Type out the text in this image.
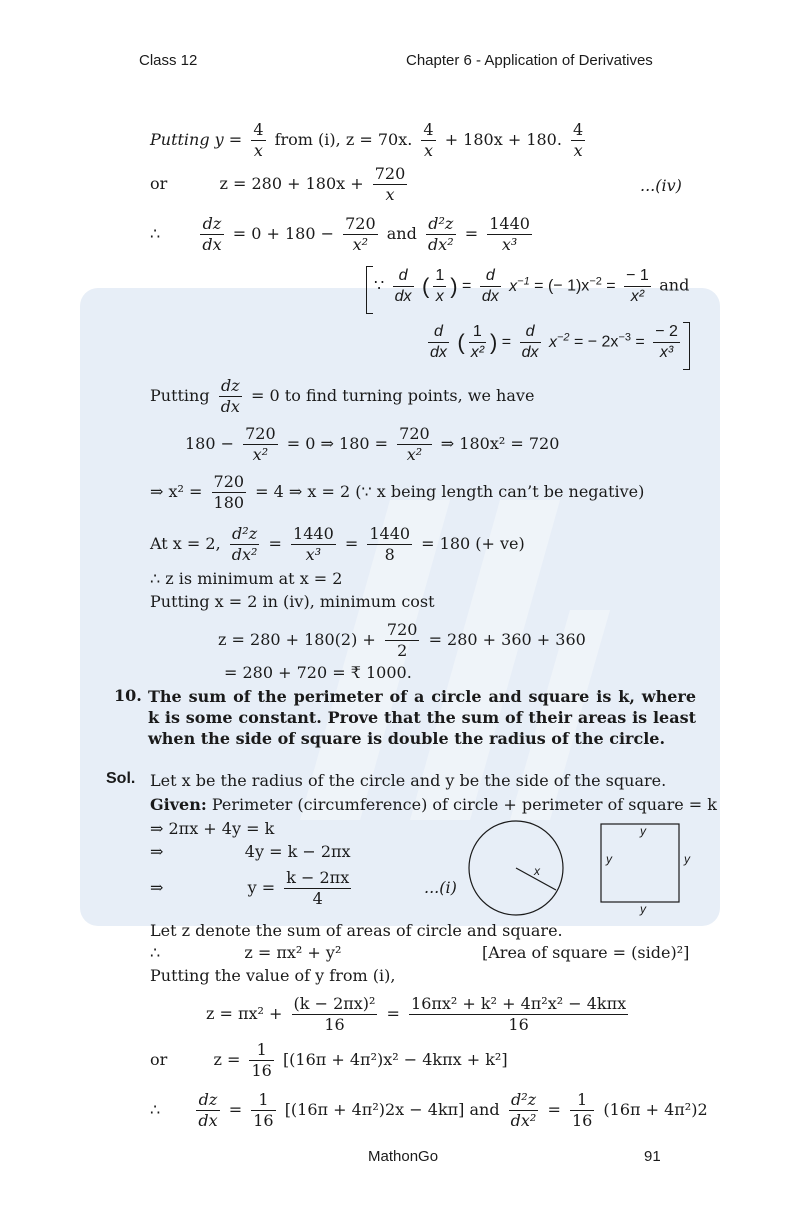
Class 12	Chapter 6 - Application of Derivatives
Putting $y = \frac{4}{x}$ from (i), z = 70x. $\frac{4}{x} + 180x + 180$. $\frac{4}{x}$
or	$z = 280 + 180x + \frac{720}{x}$	...(iv)
∴	$\frac{dz}{dx} = 0 + 180 - \frac{720}{\text{x²}}$ and $\frac{\text{d²z}}{\text{dx²}} = \frac{1440}{\text{x³}}$
∵ $\frac{d}{dx}$ ( $\frac{1}{x}$ ) = $\frac{d}{dx} x^{-1}$ = (− $1)x^{-2} = \frac{- 1}{\text{x²}}$ and
$\frac{d}{dx}$ ( $\frac{1}{\text{x²}}$ ) = $\frac{d}{dx} x^{-2}$ = − $2x^{-3} = \frac{- 2}{\text{x³}}$
Putting $\frac{dz}{dx} = 0$ to find turning points, we have
$180 - \frac{720}{\text{x²}} = 0$ ⇒ $180 = \frac{720}{\text{x²}}$ ⇒ 180x² = 720
⇒ $x^2 = \frac{720}{180} = 4$ ⇒ x = 2 (∵ x being length can’t be negative)
At x = 2, $\frac{\text{d²z}}{\text{dx²}} = \frac{1440}{\text{x³}} = \frac{1440}{8} = 180$ (+ ve)
∴ z is minimum at x = 2
Putting x = 2 in (iv), minimum cost
$z = 280 + 180(2) + \frac{720}{2} = 280 + 360 + 360$
= 280 + 720 = ₹ 1000.
10. The sum of the perimeter of a circle and square is k, where k is some constant. Prove that the sum of their areas is least when the side of square is double the radius of the circle.
Sol. Let x be the radius of the circle and y be the side of the square.
Given: Perimeter (circumference) of circle + perimeter of square = k
⇒ 2πx + 4y = k
⇒                4y = k − 2πx
⇒	$y = \frac{k - 2\pi x}{4}$	...(i)
x
y
y	y
y
Let z denote the sum of areas of circle and square.
∴	z = πx² + y²	[Area of square = (side)²]
Putting the value of y from (i),
$z = \pi x^2 + \frac{\text{(k − 2πx)²}}{16}$ =
16πx² + k² + 4π²x² − 4kπx
16
or	$z = \frac{1}{16} [(16\pi + 4\pi^2)x^2 - 4k\pi x + k^2]$
∴ $\frac{dz}{dx} = \frac{1}{16} [(16\pi + 4\pi^2)2x - 4k\pi]$ and $\frac{\text{d²z}}{\text{dx²}} = \frac{1}{16} (16\pi + 4\pi^2)2$
MathonGo	91
